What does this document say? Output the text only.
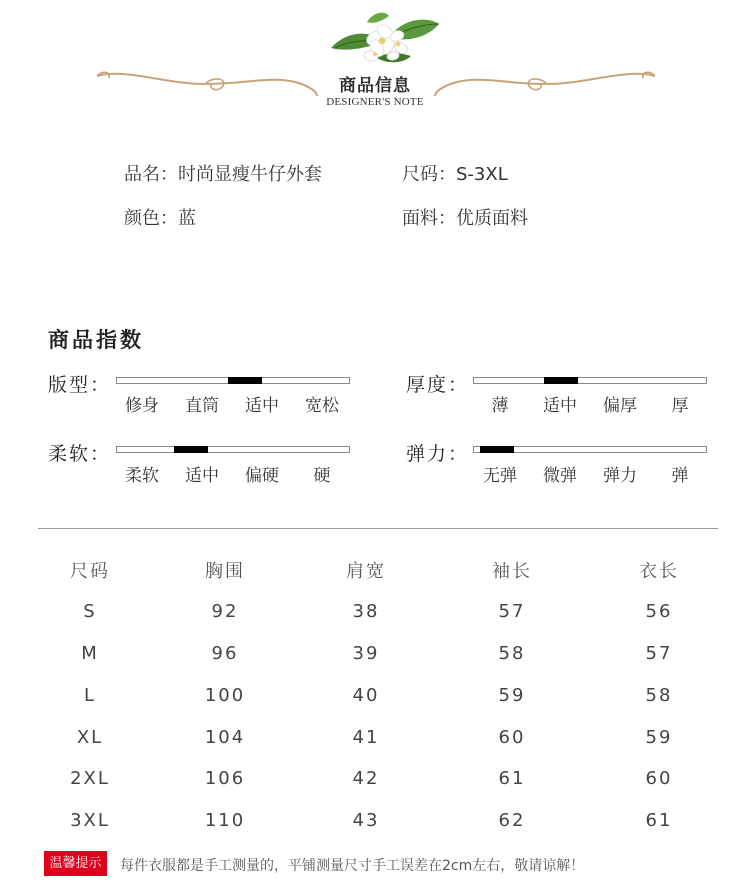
商品信息
DESIGNER'S NOTE
品名：时尚显瘦牛仔外套	尺码：S-3XL
颜色：蓝	面料：优质面料
商品指数
版型：
修身	直筒	适中	宽松
厚度：
薄	适中	偏厚	厚
柔软：
柔软	适中	偏硬	硬
弹力：
无弹	微弹	弹力	弹
尺码	胸围	肩宽	袖长	衣长
S	92	38	57	56
M	96	39	58	57
L	100	40	59	58
XL	104	41	60	59
2XL	106	42	61	60
3XL	110	43	62	61
温馨提示	每件衣服都是手工测量的，平铺测量尺寸手工误差在2cm左右，敬请谅解！
